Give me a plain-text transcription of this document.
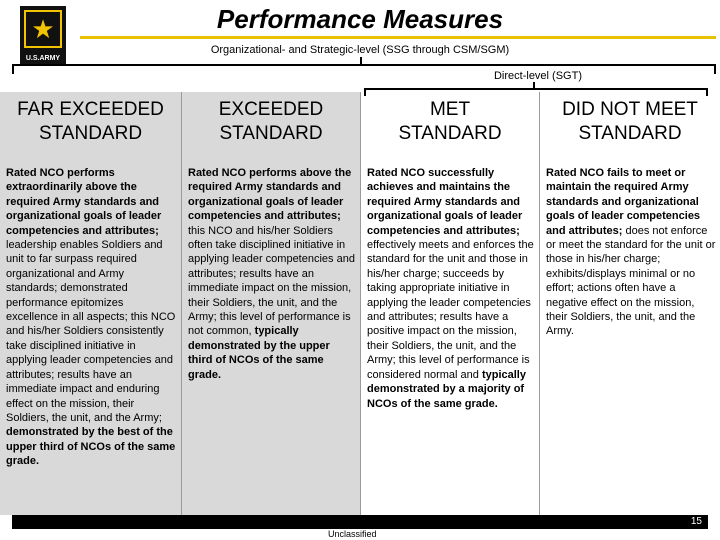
★
U.S.ARMY
Performance Measures
Organizational- and Strategic-level (SSG through CSM/SGM)
Direct-level (SGT)
FAR EXCEEDED
STANDARD
Rated NCO performs extraordinarily above the required Army standards and organizational goals of leader competencies and attributes; leadership enables Soldiers and unit to far surpass required organizational and Army standards; demonstrated performance epitomizes excellence in all aspects; this NCO and his/her Soldiers consistently take disciplined initiative in applying leader competencies and attributes; results have an immediate impact and enduring effect on the mission, their Soldiers, the unit, and the Army; demonstrated by the best of the upper third of NCOs of the same grade.
EXCEEDED
STANDARD
Rated NCO performs above the required Army standards and organizational goals of leader competencies and attributes; this NCO and his/her Soldiers often take disciplined initiative in applying leader competencies and attributes; results have an immediate impact on the mission, their Soldiers, the unit, and the Army; this level of performance is not common, typically demonstrated by the upper third of NCOs of the same grade.
MET
STANDARD
Rated NCO successfully achieves and maintains the required Army standards and organizational goals of leader competencies and attributes; effectively meets and enforces the standard for the unit and those in his/her charge; succeeds by taking appropriate initiative in applying the leader competencies and attributes; results have a positive impact on the mission, their Soldiers, the unit, and the Army; this level of performance is considered normal and typically demonstrated by a majority of NCOs of the same grade.
DID NOT MEET
STANDARD
Rated NCO fails to meet or maintain the required Army standards and organizational goals of leader competencies and attributes; does not enforce or meet the standard for the unit or those in his/her charge; exhibits/displays minimal or no effort; actions often have a negative effect on the mission, their Soldiers, the unit, and the Army.
15
Unclassified
